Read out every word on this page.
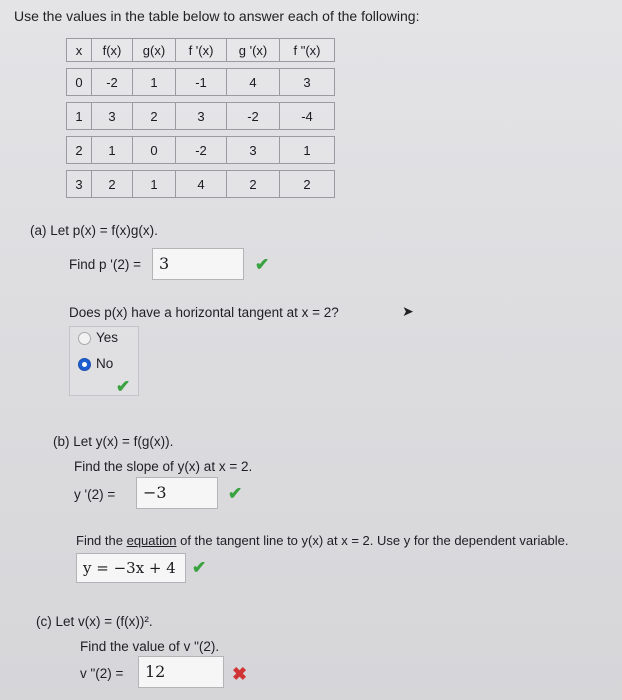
Use the values in the table below to answer each of the following:
x	f(x)	g(x)	f '(x)	g '(x)	f "(x)

0	-2	1	-1	4	3

1	3	2	3	-2	-4

2	1	0	-2	3	1

3	2	1	4	2	2
(a) Let p(x) = f(x)g(x).
Find p '(2) =	3	✔
Does p(x) have a horizontal tangent at x = 2?	➤
Yes
No
✔
(b) Let y(x) = f(g(x)).
Find the slope of y(x) at x = 2.
y '(2) =	−3	✔
Find the equation of the tangent line to y(x) at x = 2. Use y for the dependent variable.
y = −3x + 4 ✔
(c) Let v(x) = (f(x))².
Find the value of v "(2).
v "(2) =	12	✖
